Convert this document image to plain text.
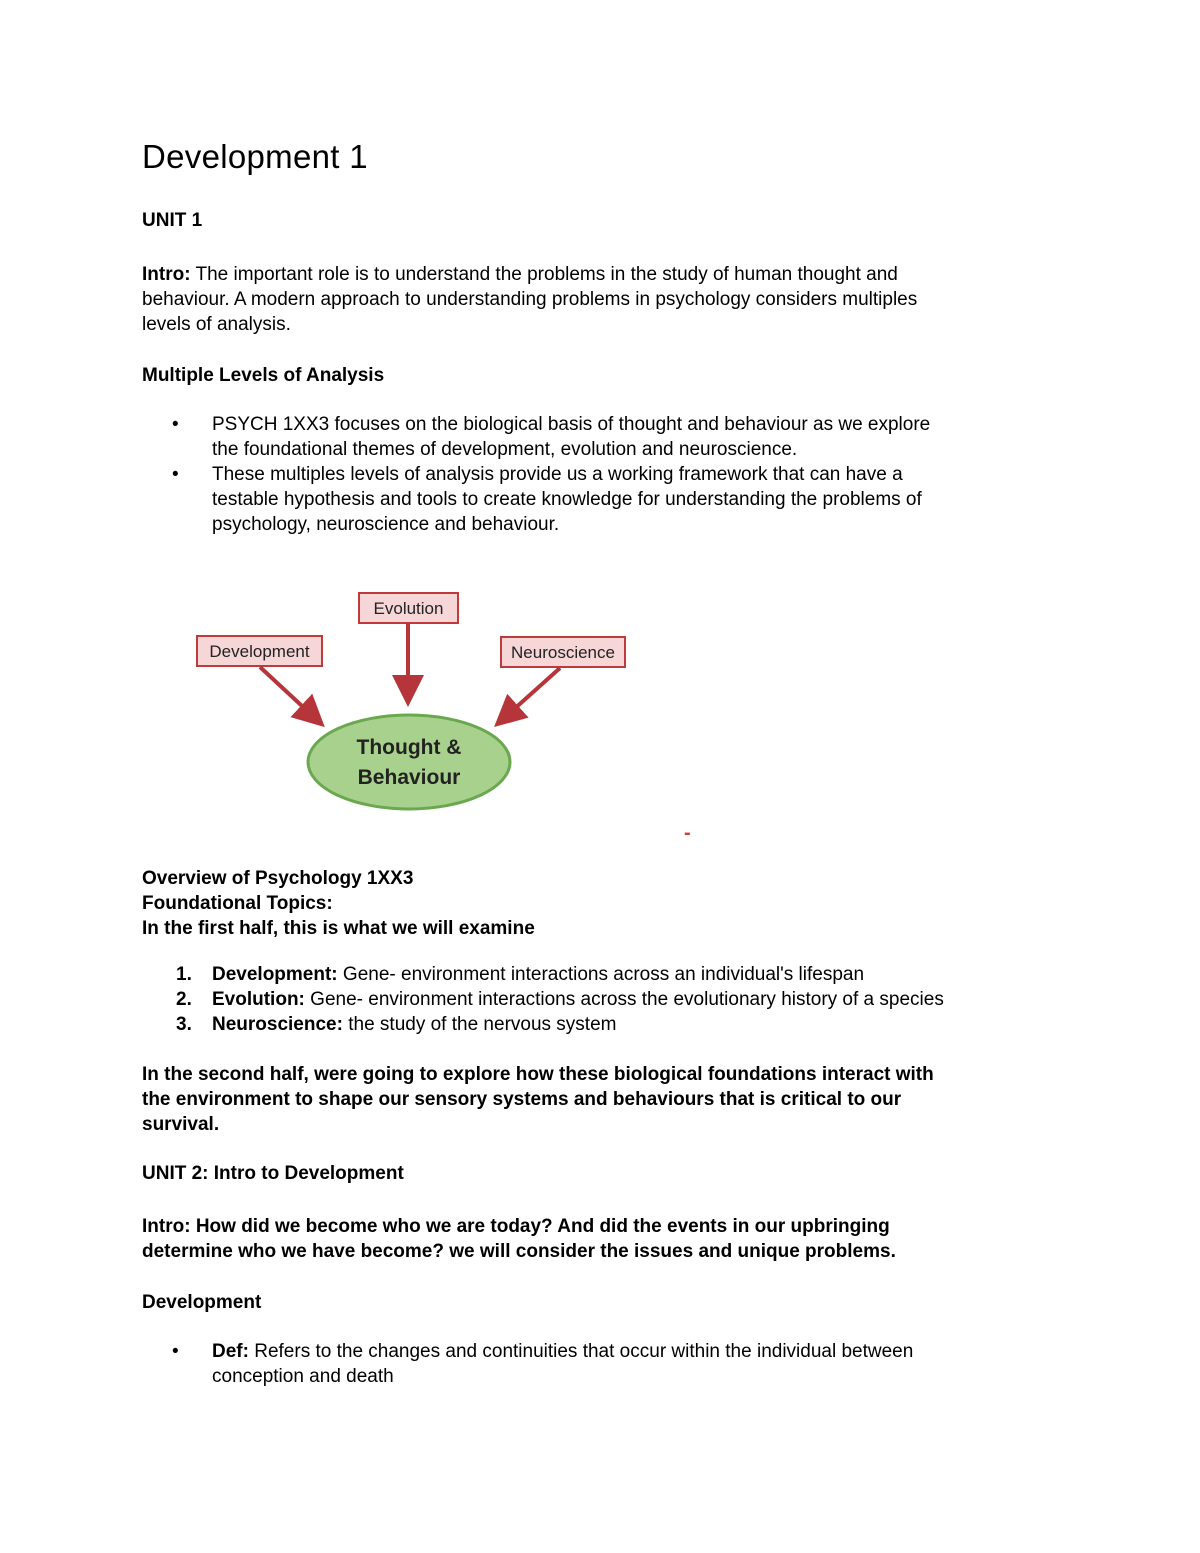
Development 1
UNIT 1
Intro: The important role is to understand the problems in the study of human thought and
behaviour. A modern approach to understanding problems in psychology considers multiples
levels of analysis.
Multiple Levels of Analysis
• PSYCH 1XX3 focuses on the biological basis of thought and behaviour as we explore
the foundational themes of development, evolution and neuroscience.
• These multiples levels of analysis provide us a working framework that can have a
testable hypothesis and tools to create knowledge for understanding the problems of
psychology, neuroscience and behaviour.
Evolution
Development	Neuroscience
Thought &
Behaviour
-
Overview of Psychology 1XX3
Foundational Topics:
In the first half, this is what we will examine
1. Development: Gene- environment interactions across an individual's lifespan
2. Evolution: Gene- environment interactions across the evolutionary history of a species
3. Neuroscience: the study of the nervous system
In the second half, were going to explore how these biological foundations interact with
the environment to shape our sensory systems and behaviours that is critical to our
survival.
UNIT 2: Intro to Development
Intro: How did we become who we are today? And did the events in our upbringing
determine who we have become? we will consider the issues and unique problems.
Development
• Def: Refers to the changes and continuities that occur within the individual between
conception and death
